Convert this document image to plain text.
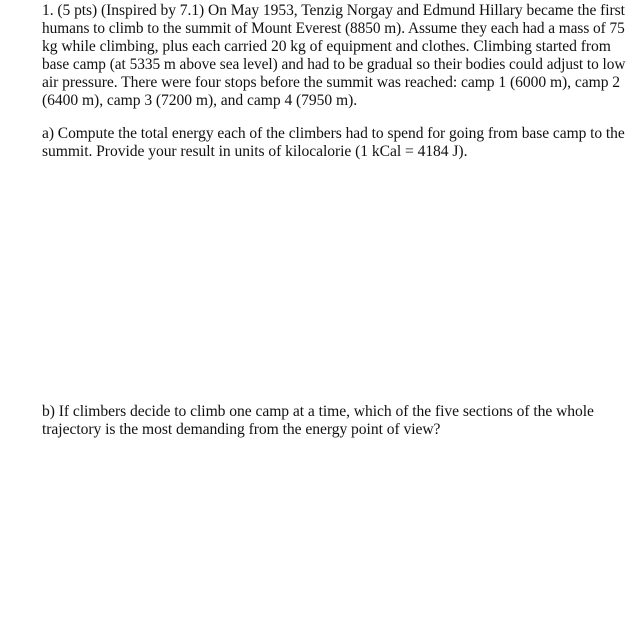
1. (5 pts) (Inspired by 7.1) On May 1953, Tenzig Norgay and Edmund Hillary became the first
humans to climb to the summit of Mount Everest (8850 m). Assume they each had a mass of 75
kg while climbing, plus each carried 20 kg of equipment and clothes. Climbing started from
base camp (at 5335 m above sea level) and had to be gradual so their bodies could adjust to low
air pressure. There were four stops before the summit was reached: camp 1 (6000 m), camp 2
(6400 m), camp 3 (7200 m), and camp 4 (7950 m).
a) Compute the total energy each of the climbers had to spend for going from base camp to the
summit. Provide your result in units of kilocalorie (1 kCal = 4184 J).
b) If climbers decide to climb one camp at a time, which of the five sections of the whole
trajectory is the most demanding from the energy point of view?
